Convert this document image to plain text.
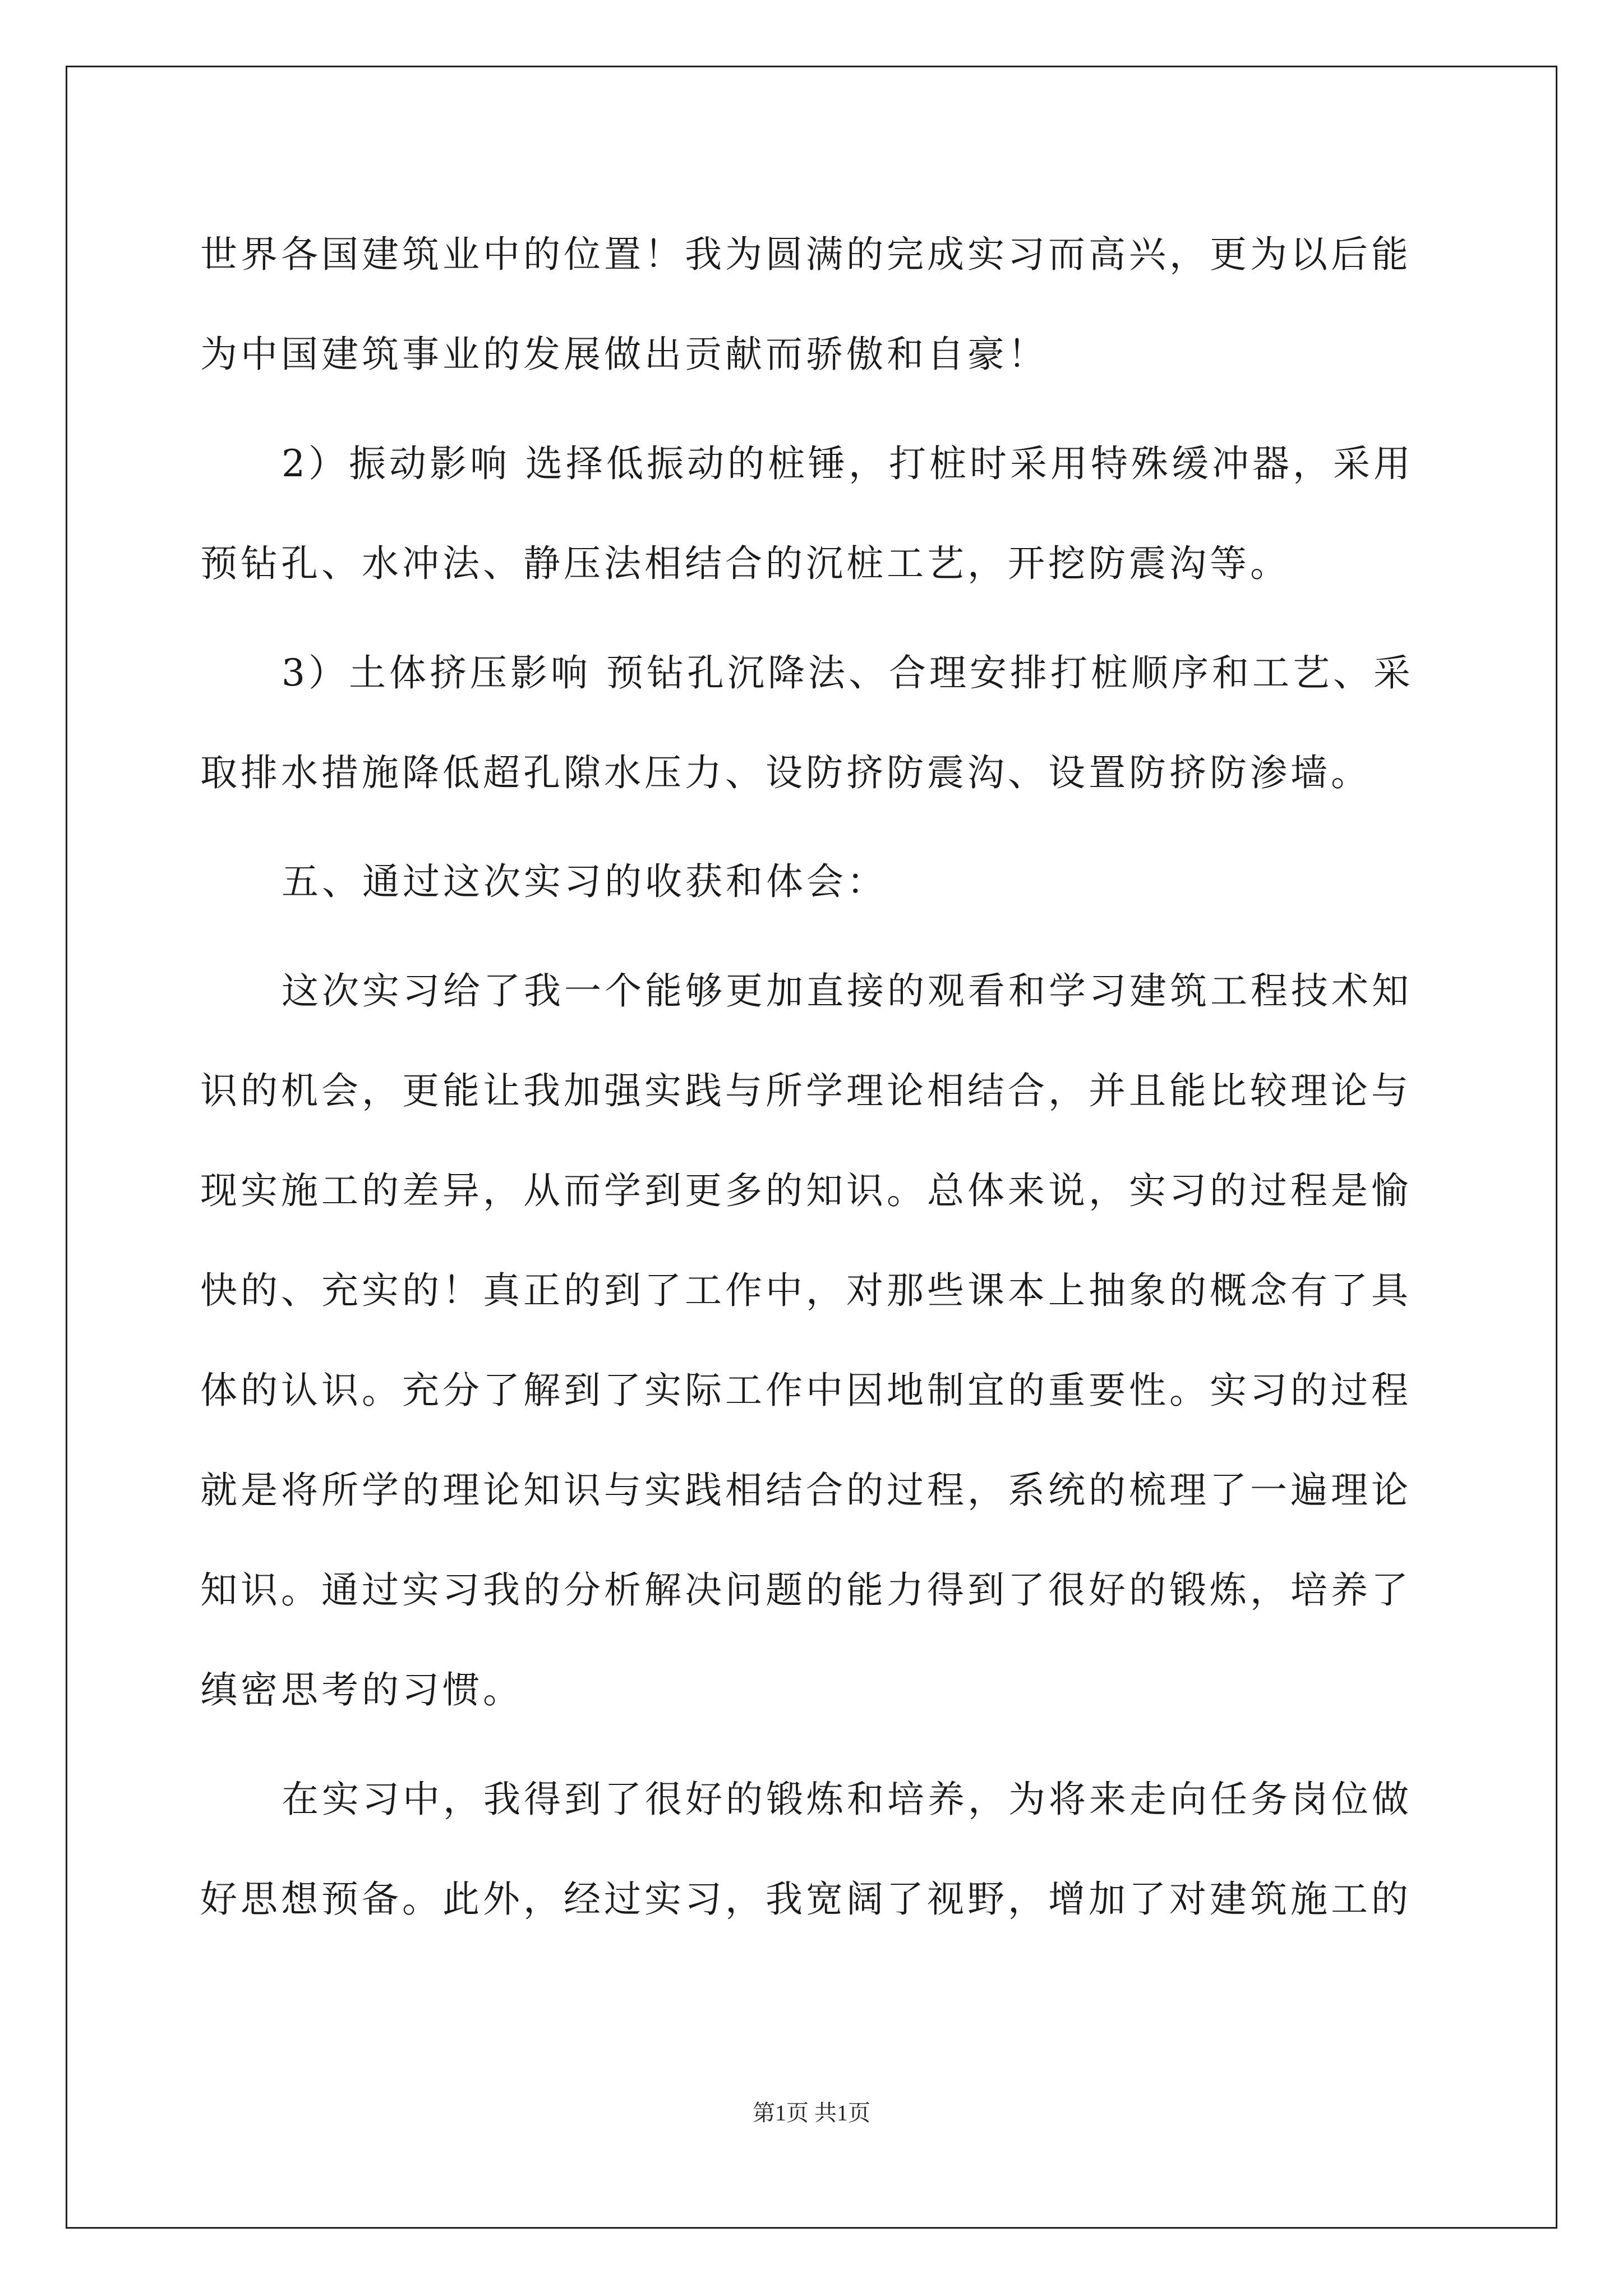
世界各国建筑业中的位置！我为圆满的完成实习而高兴，更为以后能
为中国建筑事业的发展做出贡献而骄傲和自豪！
2）振动影响 选择低振动的桩锤，打桩时采用特殊缓冲器，采用
预钻孔、水冲法、静压法相结合的沉桩工艺，开挖防震沟等。
3）土体挤压影响 预钻孔沉降法、合理安排打桩顺序和工艺、采
取排水措施降低超孔隙水压力、设防挤防震沟、设置防挤防渗墙。
五、通过这次实习的收获和体会：
这次实习给了我一个能够更加直接的观看和学习建筑工程技术知
识的机会，更能让我加强实践与所学理论相结合，并且能比较理论与
现实施工的差异，从而学到更多的知识。总体来说，实习的过程是愉
快的、充实的！真正的到了工作中，对那些课本上抽象的概念有了具
体的认识。充分了解到了实际工作中因地制宜的重要性。实习的过程
就是将所学的理论知识与实践相结合的过程，系统的梳理了一遍理论
知识。通过实习我的分析解决问题的能力得到了很好的锻炼，培养了
缜密思考的习惯。
在实习中，我得到了很好的锻炼和培养，为将来走向任务岗位做
好思想预备。此外，经过实习，我宽阔了视野，增加了对建筑施工的
第1页 共1页
